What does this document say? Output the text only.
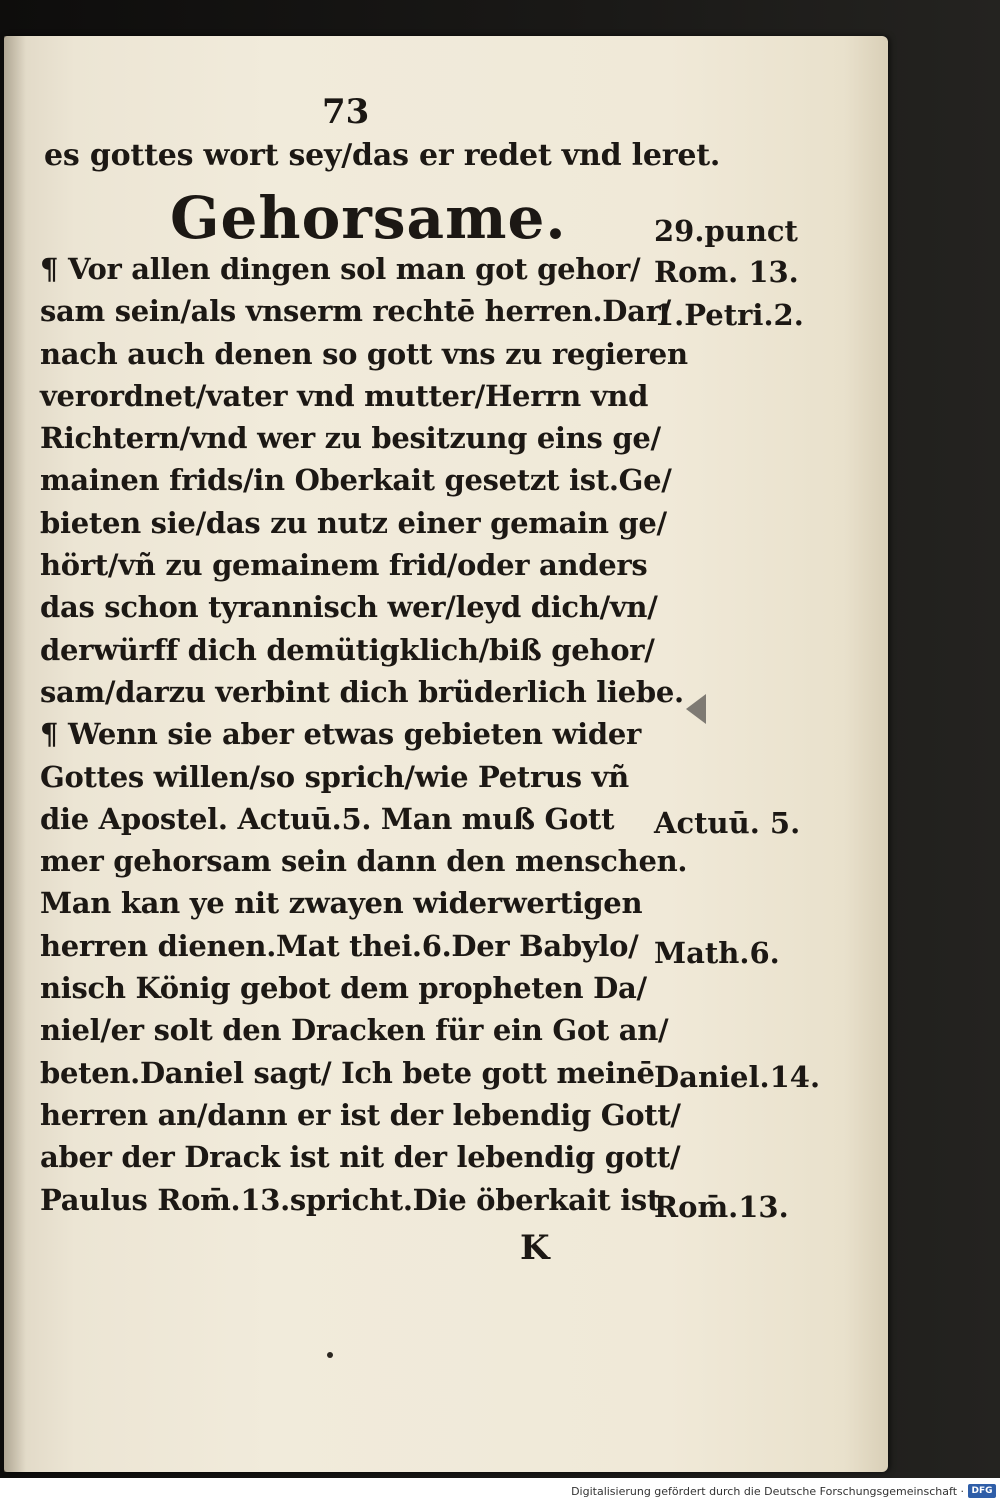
73
es gottes wort sey/das er redet vnd leret.
Gehorsame.
¶ Vor allen dingen sol man got gehor/
sam sein/als vnserm rechtē herren.Dar/
nach auch denen so gott vns zu regieren
verordnet/vater vnd mutter/Herrn vnd
Richtern/vnd wer zu besitzung eins ge/
mainen frids/in Oberkait gesetzt ist.Ge/
bieten sie/das zu nutz einer gemain ge/
hört/vñ zu gemainem frid/oder anders
das schon tyrannisch wer/leyd dich/vn/
derwürff dich demütigklich/biß gehor/
sam/darzu verbint dich brüderlich liebe.
¶ Wenn sie aber etwas gebieten wider
Gottes willen/so sprich/wie Petrus vñ
die Apostel. Actuū.5. Man muß Gott
mer gehorsam sein dann den menschen.
Man kan ye nit zwayen widerwertigen
herren dienen.Mat thei.6.Der Babylo/
nisch König gebot dem propheten Da/
niel/er solt den Dracken für ein Got an/
beten.Daniel sagt/ Ich bete gott meinē
herren an/dann er ist der lebendig Gott/
aber der Drack ist nit der lebendig gott/
Paulus Rom̄.13.spricht.Die öberkait ist
29.punct
Rom. 13.
1.Petri.2.
Actuū. 5.
Math.6.
Daniel.14.
Rom̄.13.
K
Digitalisierung gefördert durch die Deutsche Forschungsgemeinschaft · DFG
